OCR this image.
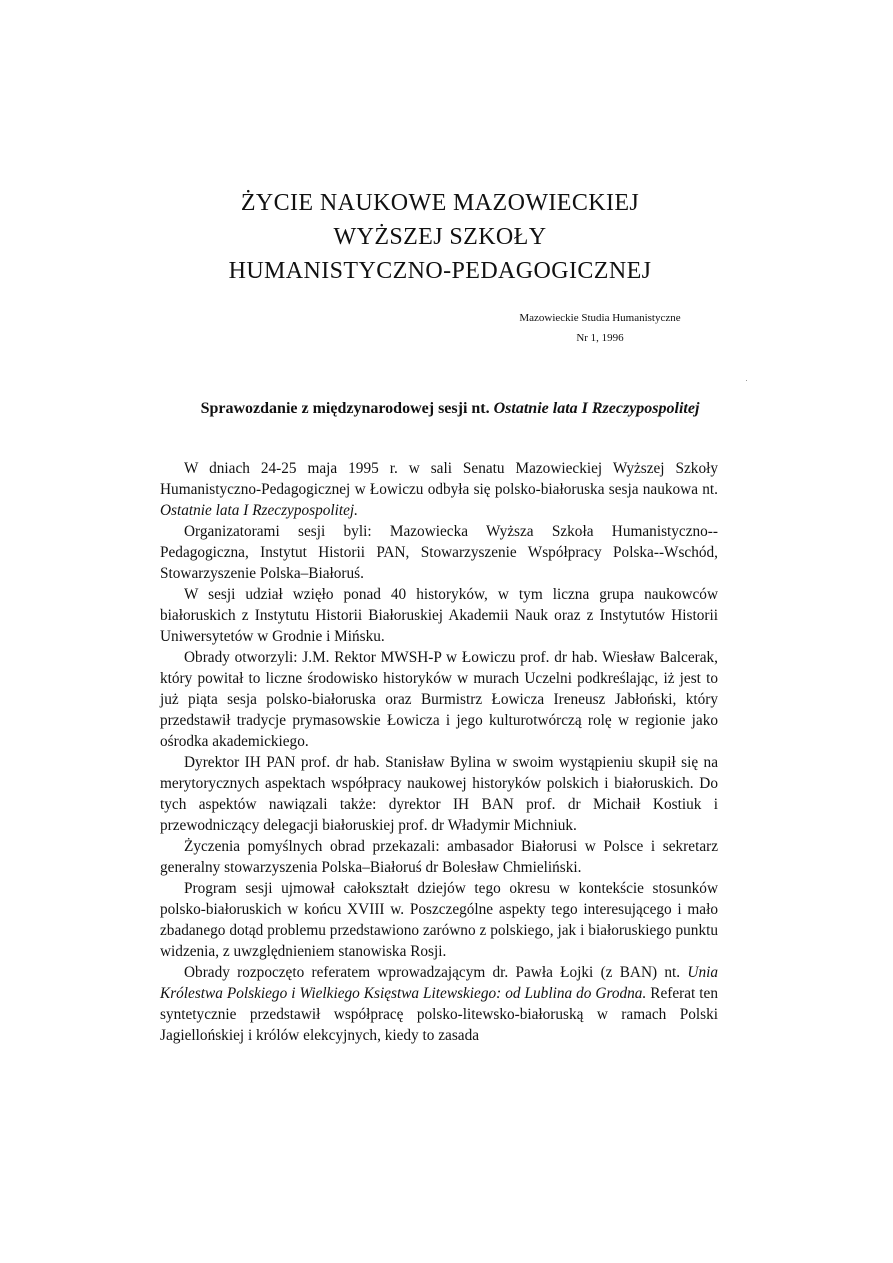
ŻYCIE NAUKOWE MAZOWIECKIEJ
WYŻSZEJ SZKOŁY
HUMANISTYCZNO-PEDAGOGICZNEJ
Mazowieckie Studia Humanistyczne
Nr 1, 1996
Sprawozdanie z międzynarodowej sesji nt. Ostatnie lata I Rzeczypospolitej

W dniach 24-25 maja 1995 r. w sali Senatu Mazowieckiej Wyższej Szkoły Humanistyczno-Pedagogicznej w Łowiczu odbyła się polsko-białoruska sesja naukowa nt. Ostatnie lata I Rzeczypospolitej.

Organizatorami sesji byli: Mazowiecka Wyższa Szkoła Humanistyczno--Pedagogiczna, Instytut Historii PAN, Stowarzyszenie Współpracy Polska--Wschód, Stowarzyszenie Polska–Białoruś.

W sesji udział wzięło ponad 40 historyków, w tym liczna grupa naukowców białoruskich z Instytutu Historii Białoruskiej Akademii Nauk oraz z Instytutów Historii Uniwersytetów w Grodnie i Mińsku.

Obrady otworzyli: J.M. Rektor MWSH-P w Łowiczu prof. dr hab. Wiesław Balcerak, który powitał to liczne środowisko historyków w murach Uczelni podkreślając, iż jest to już piąta sesja polsko-białoruska oraz Burmistrz Łowicza Ireneusz Jabłoński, który przedstawił tradycje prymasowskie Łowicza i jego kulturotwórczą rolę w regionie jako ośrodka akademickiego.

Dyrektor IH PAN prof. dr hab. Stanisław Bylina w swoim wystąpieniu skupił się na merytorycznych aspektach współpracy naukowej historyków polskich i białoruskich. Do tych aspektów nawiązali także: dyrektor IH BAN prof. dr Michaił Kostiuk i przewodniczący delegacji białoruskiej prof. dr Władymir Michniuk.

Życzenia pomyślnych obrad przekazali: ambasador Białorusi w Polsce i sekretarz generalny stowarzyszenia Polska–Białoruś dr Bolesław Chmieliński.

Program sesji ujmował całokształt dziejów tego okresu w kontekście stosunków polsko-białoruskich w końcu XVIII w. Poszczególne aspekty tego interesującego i mało zbadanego dotąd problemu przedstawiono zarówno z polskiego, jak i białoruskiego punktu widzenia, z uwzględnieniem stanowiska Rosji.

Obrady rozpoczęto referatem wprowadzającym dr. Pawła Łojki (z BAN) nt. Unia Królestwa Polskiego i Wielkiego Księstwa Litewskiego: od Lublina do Grodna. Referat ten syntetycznie przedstawił współpracę polsko-litewsko-białoruską w ramach Polski Jagiellońskiej i królów elekcyjnych, kiedy to zasada
